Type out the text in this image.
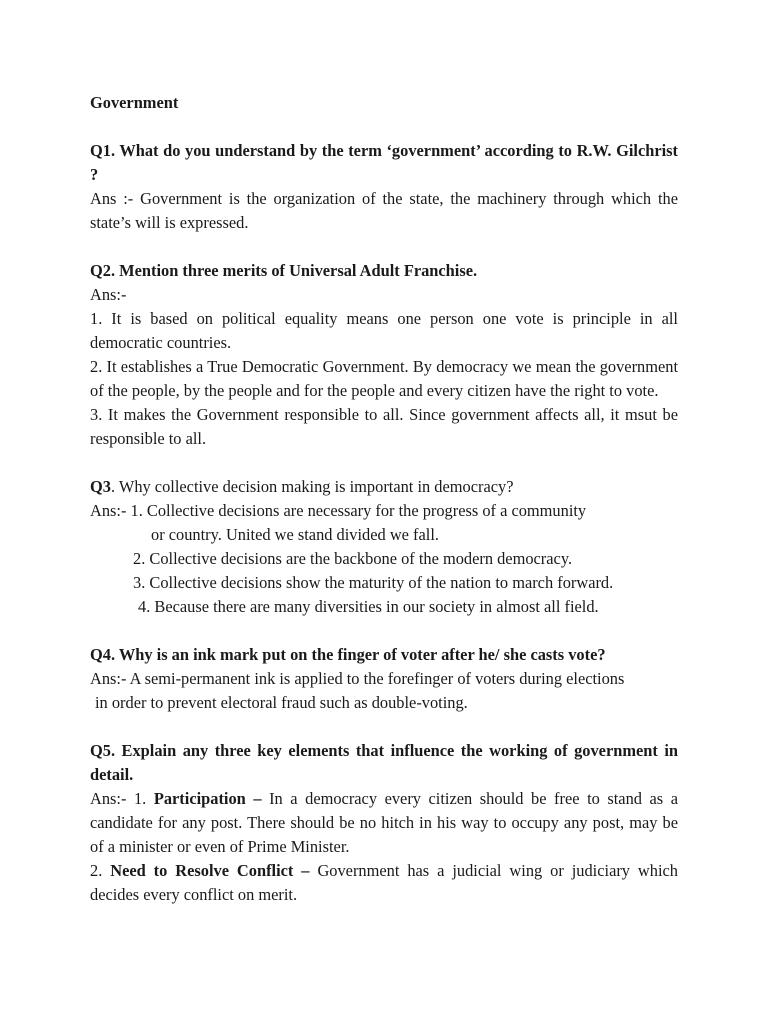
Government

Q1. What do you understand by the term ‘government’ according to R.W. Gilchrist ?

Ans :- Government is the organization of the state, the machinery through which the state’s will is expressed.

Q2. Mention three merits of Universal Adult Franchise.

Ans:-

1. It is based on political equality means one person one vote is principle in all democratic countries.

2. It establishes a True Democratic Government. By democracy we mean the government of the people, by the people and for the people and every citizen have the right to vote.

3. It makes the Government responsible to all. Since government affects all, it msut be responsible to all.

Q3. Why collective decision making is important in democracy?

Ans:- 1. Collective decisions are necessary for the progress of a community

or country. United we stand divided we fall.

2. Collective decisions are the backbone of the modern democracy.

3. Collective decisions show the maturity of the nation to march forward.

4. Because there are many diversities in our society in almost all field.

Q4. Why is an ink mark put on the finger of voter after he/ she casts vote?

Ans:- A semi-permanent ink is applied to the forefinger of voters during elections

in order to prevent electoral fraud such as double-voting.

Q5. Explain any three key elements that influence the working of government in detail.

Ans:- 1. Participation – In a democracy every citizen should be free to stand as a candidate for any post. There should be no hitch in his way to occupy any post, may be of a minister or even of Prime Minister.

2. Need to Resolve Conflict – Government has a judicial wing or judiciary which decides every conflict on merit.
